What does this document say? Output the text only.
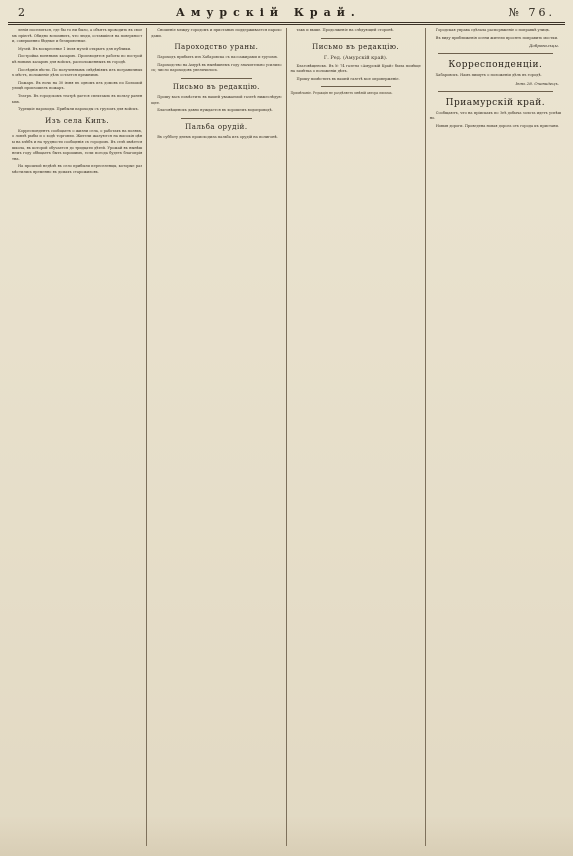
2	Амурскій Край.	№ 76.

ленія поселиться, где бы то ни было, а объятъ проводить въ своемъ пріютѣ. Обидно вспомнить, что люди, оставшіеся на поверхности, совершенно бѣдные и безприютные.

Музей. Въ воскресенье 1 іюля музей открытъ для публики.

Постройка военныхъ казармъ. Производятся работы по постройкѣ новыхъ казармъ для войскъ, расположенныхъ въ городѣ.

Послѣднія вѣсти. По полученнымъ свѣдѣніямъ изъ пограничныхъ мѣстъ, положеніе дѣлъ остается прежнимъ.

Пожаръ. Въ ночь на 30 іюня въ одномъ изъ домовъ по Большой улицѣ произошелъ пожаръ.

Театръ. Въ городскомъ театрѣ дается спектакль въ пользу раненыхъ.

Турецкіе пароходы. Прибыли пароходы съ грузомъ для войскъ.

Изъ села Кипъ.

Корреспондентъ сообщаетъ о жизни села, о работахъ на поляхъ, о ловлѣ рыбы и о ходѣ торговли. Жители жалуются на высокія цѣны на хлѣбъ и на трудности сообщенія съ городомъ. Въ селѣ имѣется школа, въ которой обучается до тридцати дѣтей. Урожай въ нынѣшнемъ году обѣщаетъ быть хорошимъ, если погода будетъ благопріятна.

На прошлой недѣлѣ въ село прибыли переселенцы, которые размѣстились временно въ домахъ старожиловъ.

Сношеніе между городомъ и пристанью поддерживается пароходами.

Пароходство ураны.

Пароходъ прибылъ изъ Хабаровска съ пассажирами и грузомъ.

Пароходство на Амурѣ въ нынѣшнемъ году значительно усилилось; число пароходовъ увеличилось.

Письмо въ редакцію.

Прошу васъ помѣстить въ вашей уважаемой газетѣ нижеслѣдующее.

Благовѣщенскъ давно нуждается въ хорошемъ водопроводѣ.

Пальба орудій.

Въ субботу днемъ происходила пальба изъ орудій на полигонѣ.

такъ и выше. Продолженіе на слѣдующей сторонѣ.

Письмо въ редакцію.
Г. Ред. (Амурскій край).

Благовѣщенскъ. Въ № 74 газеты «Амурскій Край» была помѣщена замѣтка о положеніи дѣлъ.

Прошу помѣстить въ вашей газетѣ мое опроверженіе.

Примѣчаніе. Редакція не раздѣляетъ мнѣній автора письма.

Городская управа сдѣлала распоряженіе о поправкѣ улицъ.

Въ виду приближенія осени жители просятъ поправить мостки.

Добровольцы.
Корреспонденціи.

Хабаровскъ. Намъ пишутъ о положеніи дѣлъ въ городѣ.

Іюнь 28. Очевидецъ.
Приамурскій край.

Сообщаютъ, что на пріискахъ по Зеѣ добыча золота идетъ успѣшно.

Новыя дороги. Проведена новая дорога отъ города къ пристани.
